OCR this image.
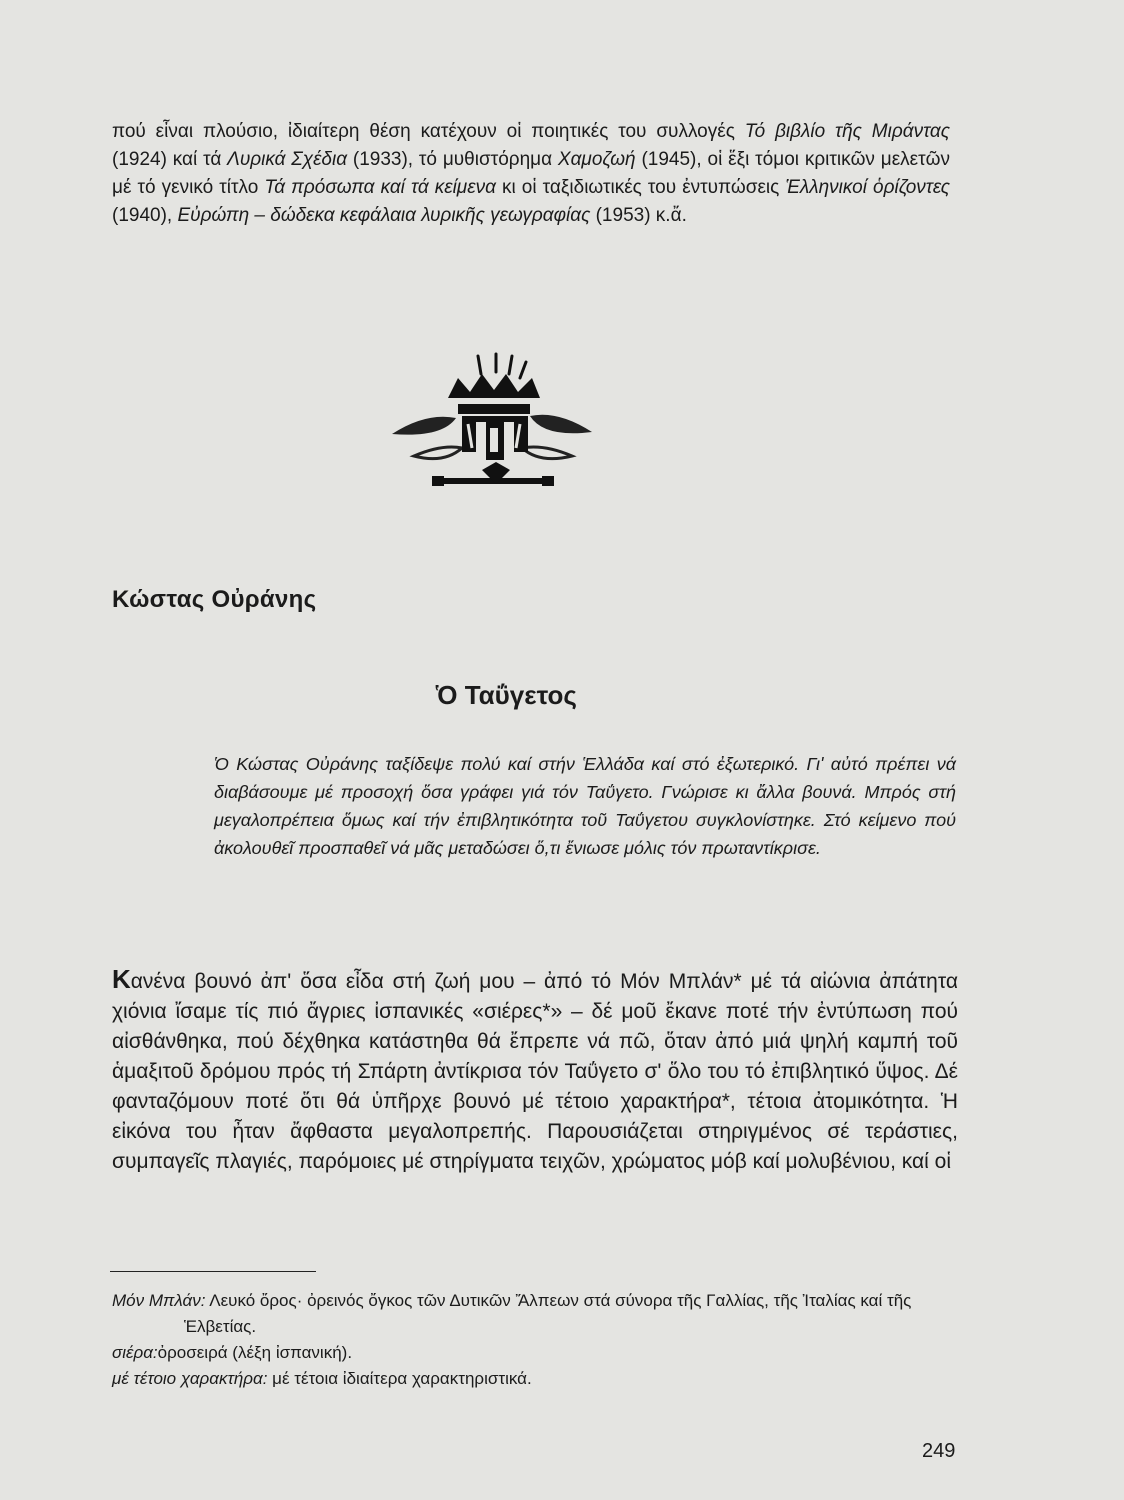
πού εἶναι πλούσιο, ἰδιαίτερη θέση κατέχουν οἱ ποιητικές του συλλογές Τό βιβλίο τῆς Μιράντας (1924) καί τά Λυρικά Σχέδια (1933), τό μυθιστόρημα Χαμοζωή (1945), οἱ ἕξι τόμοι κριτικῶν μελετῶν μέ τό γενικό τίτλο Τά πρόσωπα καί τά κείμενα κι οἱ ταξιδιωτικές του ἐντυπώσεις Ἑλληνικοί ὁρίζοντες (1940), Εὐρώπη – δώδεκα κεφάλαια λυρικῆς γεωγραφίας (1953) κ.ἄ.

Κώστας Οὐράνης
Ὁ Ταΰγετος

Ὁ Κώστας Οὐράνης ταξίδεψε πολύ καί στήν Ἑλλάδα καί στό ἐξωτερικό. Γι' αὐτό πρέπει νά διαβάσουμε μέ προσοχή ὅσα γράφει γιά τόν Ταΰγετο. Γνώρισε κι ἄλλα βουνά. Μπρός στή μεγαλοπρέπεια ὅμως καί τήν ἐπιβλητικότητα τοῦ Ταΰγετου συγκλονίστηκε. Στό κείμενο πού ἀκολουθεῖ προσπαθεῖ νά μᾶς μεταδώσει ὅ,τι ἔνιωσε μόλις τόν πρωταντίκρισε.

Κανένα βουνό ἀπ' ὅσα εἶδα στή ζωή μου – ἀπό τό Μόν Μπλάν* μέ τά αἰώνια ἀπάτητα χιόνια ἴσαμε τίς πιό ἄγριες ἰσπανικές «σιέρες*» – δέ μοῦ ἔκανε ποτέ τήν ἐντύπωση πού αἰσθάνθηκα, πού δέχθηκα κατάστηθα θά ἔπρεπε νά πῶ, ὅταν ἀπό μιά ψηλή καμπή τοῦ ἁμαξιτοῦ δρόμου πρός τή Σπάρτη ἀντίκρισα τόν Ταΰγετο σ' ὅλο του τό ἐπιβλητικό ὕψος. Δέ φανταζόμουν ποτέ ὅτι θά ὑπῆρχε βουνό μέ τέτοιο χαρακτήρα*, τέτοια ἀτομικότητα. Ἡ εἰκόνα του ἦταν ἄφθαστα μεγαλοπρεπής. Παρουσιάζεται στηριγμένος σέ τεράστιες, συμπαγεῖς πλαγιές, παρόμοιες μέ στηρίγματα τειχῶν, χρώματος μόβ καί μολυβένιου, καί οἱ

Μόν Μπλάν: Λευκό ὄρος· ὀρεινός ὄγκος τῶν Δυτικῶν Ἄλπεων στά σύνορα τῆς Γαλλίας, τῆς Ἰταλίας καί τῆς Ἑλβετίας.

σιέρα:ὀροσειρά (λέξη ἰσπανική).

μέ τέτοιο χαρακτήρα: μέ τέτοια ἰδιαίτερα χαρακτηριστικά.

249
